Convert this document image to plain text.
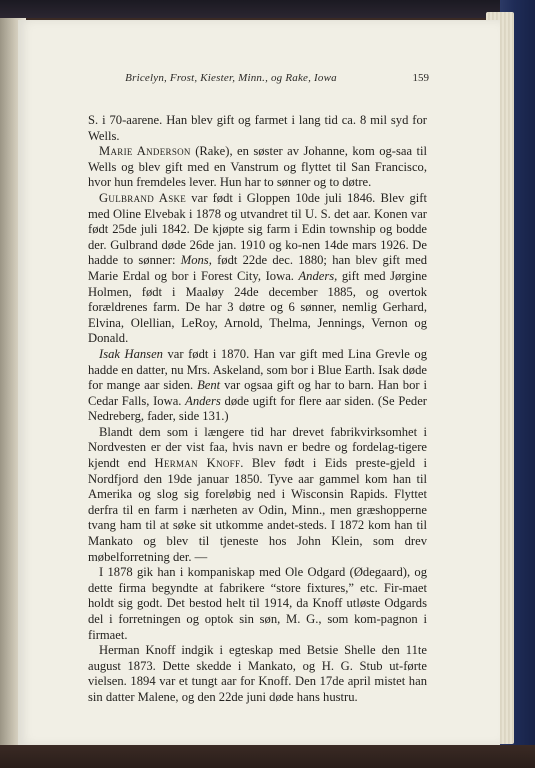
Bricelyn, Frost, Kiester, Minn., og Rake, Iowa	159

S. i 70-aarene. Han blev gift og farmet i lang tid ca. 8 mil syd for Wells.

Marie Anderson (Rake), en søster av Johanne, kom og-saa til Wells og blev gift med en Vanstrum og flyttet til San Francisco, hvor hun fremdeles lever. Hun har to sønner og to døtre.

Gulbrand Aske var født i Gloppen 10de juli 1846. Blev gift med Oline Elvebak i 1878 og utvandret til U. S. det aar. Konen var født 25de juli 1842. De kjøpte sig farm i Edin township og bodde der. Gulbrand døde 26de jan. 1910 og ko-nen 14de mars 1926. De hadde to sønner: Mons, født 22de dec. 1880; han blev gift med Marie Erdal og bor i Forest City, Iowa. Anders, gift med Jørgine Holmen, født i Maaløy 24de december 1885, og overtok forældrenes farm. De har 3 døtre og 6 sønner, nemlig Gerhard, Elvina, Olellian, LeRoy, Arnold, Thelma, Jennings, Vernon og Donald.

Isak Hansen var født i 1870. Han var gift med Lina Grevle og hadde en datter, nu Mrs. Askeland, som bor i Blue Earth. Isak døde for mange aar siden. Bent var ogsaa gift og har to barn. Han bor i Cedar Falls, Iowa. Anders døde ugift for flere aar siden. (Se Peder Nedreberg, fader, side 131.)

Blandt dem som i længere tid har drevet fabrikvirksomhet i Nordvesten er der vist faa, hvis navn er bedre og fordelag-tigere kjendt end Herman Knoff. Blev født i Eids preste-gjeld i Nordfjord den 19de januar 1850. Tyve aar gammel kom han til Amerika og slog sig foreløbig ned i Wisconsin Rapids. Flyttet derfra til en farm i nærheten av Odin, Minn., men græshopperne tvang ham til at søke sit utkomme andet-steds. I 1872 kom han til Mankato og blev til tjeneste hos John Klein, som drev møbelforretning der. —

I 1878 gik han i kompaniskap med Ole Odgard (Ødegaard), og dette firma begyndte at fabrikere “store fixtures,” etc. Fir-maet holdt sig godt. Det bestod helt til 1914, da Knoff utløste Odgards del i forretningen og optok sin søn, M. G., som kom-pagnon i firmaet.

Herman Knoff indgik i egteskap med Betsie Shelle den 11te august 1873. Dette skedde i Mankato, og H. G. Stub ut-førte vielsen. 1894 var et tungt aar for Knoff. Den 17de april mistet han sin datter Malene, og den 22de juni døde hans hustru.
